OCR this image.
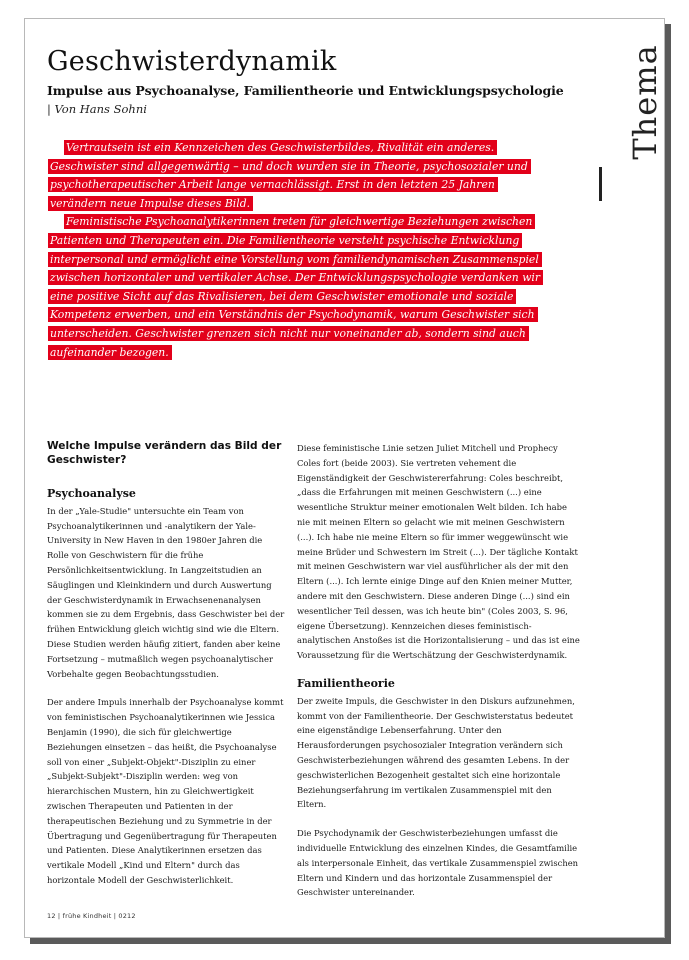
Geschwisterdynamik
Impulse aus Psychoanalyse, Familientheorie und Entwicklungspsychologie
| Von Hans Sohni	Thema

Vertrautsein ist ein Kennzeichen des Geschwisterbildes, Rivalität ein anderes. Geschwister sind allgegenwärtig – und doch wurden sie in Theorie, psychosozialer und psychotherapeutischer Arbeit lange vernachlässigt. Erst in den letzten 25 Jahren verändern neue Impulse dieses Bild.

Feministische Psychoanalytikerinnen treten für gleichwertige Beziehungen zwischen Patienten und Therapeuten ein. Die Familientheorie versteht psychische Entwicklung interpersonal und ermöglicht eine Vorstellung vom familiendynamischen Zusammenspiel zwischen horizontaler und vertikaler Achse. Der Entwicklungspsychologie verdanken wir eine positive Sicht auf das Rivalisieren, bei dem Geschwister emotionale und soziale Kompetenz erwerben, und ein Verständnis der Psychodynamik, warum Geschwister sich unterscheiden. Geschwister grenzen sich nicht nur voneinander ab, sondern sind auch aufeinander bezogen.

Welche Impulse verändern das Bild der Geschwister?
Psychoanalyse

In der „Yale-Studie" untersuchte ein Team von Psychoanalytikerinnen und -analytikern der Yale-University in New Haven in den 1980er Jahren die Rolle von Geschwistern für die frühe Persönlichkeitsentwicklung. In Langzeitstudien an Säuglingen und Kleinkindern und durch Auswertung der Geschwisterdynamik in Erwachsenenanalysen kommen sie zu dem Ergebnis, dass Geschwister bei der frühen Entwicklung gleich wichtig sind wie die Eltern. Diese Studien werden häufig zitiert, fanden aber keine Fortsetzung – mutmaßlich wegen psychoanalytischer Vorbehalte gegen Beobachtungsstudien.

Der andere Impuls innerhalb der Psychoanalyse kommt von feministischen Psychoanalytikerinnen wie Jessica Benjamin (1990), die sich für gleichwertige Beziehungen einsetzen – das heißt, die Psychoanalyse soll von einer „Subjekt-Objekt"-Disziplin zu einer „Subjekt-Subjekt"-Disziplin werden: weg von hierarchischen Mustern, hin zu Gleichwertigkeit zwischen Therapeuten und Patienten in der therapeutischen Beziehung und zu Symmetrie in der Übertragung und Gegenübertragung für Therapeuten und Patienten. Diese Analytikerinnen ersetzen das vertikale Modell „Kind und Eltern" durch das horizontale Modell der Geschwisterlichkeit.

Diese feministische Linie setzen Juliet Mitchell und Prophecy Coles fort (beide 2003). Sie vertreten vehement die Eigenständigkeit der Geschwistererfahrung: Coles beschreibt, „dass die Erfahrungen mit meinen Geschwistern (...) eine wesentliche Struktur meiner emotionalen Welt bilden. Ich habe nie mit meinen Eltern so gelacht wie mit meinen Geschwistern (...). Ich habe nie meine Eltern so für immer weggewünscht wie meine Brüder und Schwestern im Streit (...). Der tägliche Kontakt mit meinen Geschwistern war viel ausführlicher als der mit den Eltern (...). Ich lernte einige Dinge auf den Knien meiner Mutter, andere mit den Geschwistern. Diese anderen Dinge (...) sind ein wesentlicher Teil dessen, was ich heute bin" (Coles 2003, S. 96, eigene Übersetzung). Kennzeichen dieses feministisch-analytischen Anstoßes ist die Horizontalisierung – und das ist eine Voraussetzung für die Wertschätzung der Geschwisterdynamik.

Familientheorie

Der zweite Impuls, die Geschwister in den Diskurs aufzunehmen, kommt von der Familientheorie. Der Geschwisterstatus bedeutet eine eigenständige Lebenserfahrung. Unter den Herausforderungen psychosozialer Integration verändern sich Geschwisterbeziehungen während des gesamten Lebens. In der geschwisterlichen Bezogenheit gestaltet sich eine horizontale Beziehungserfahrung im vertikalen Zusammenspiel mit den Eltern.

Die Psychodynamik der Geschwisterbeziehungen umfasst die individuelle Entwicklung des einzelnen Kindes, die Gesamtfamilie als interpersonale Einheit, das vertikale Zusammenspiel zwischen Eltern und Kindern und das horizontale Zusammenspiel der Geschwister untereinander.

12 | frühe Kindheit | 0212
